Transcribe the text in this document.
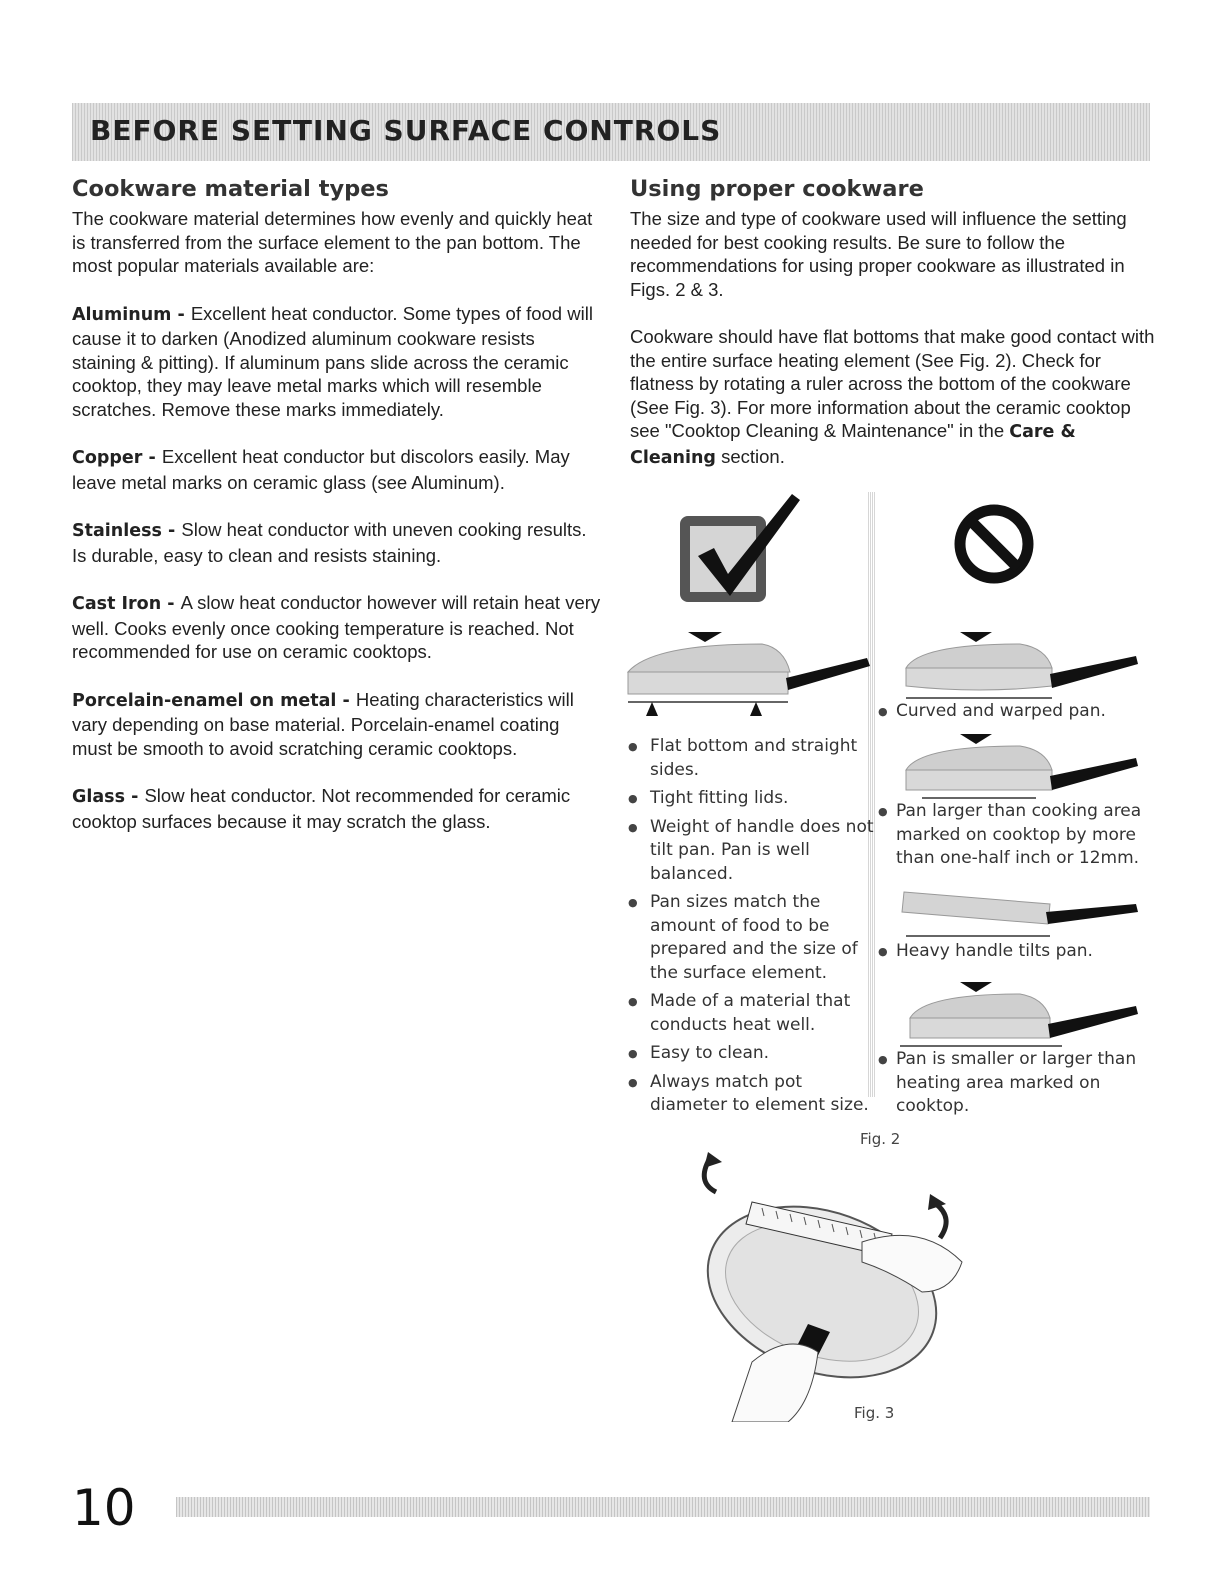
BEFORE SETTING SURFACE CONTROLS
Cookware material types

The cookware material determines how evenly and quickly heat is transferred from the surface element to the pan bottom. The most popular materials available are:

Aluminum - Excellent heat conductor. Some types of food will cause it to darken (Anodized aluminum cookware resists staining & pitting). If aluminum pans slide across the ceramic cooktop, they may leave metal marks which will resemble scratches. Remove these marks immediately.

Copper - Excellent heat conductor but discolors easily. May leave metal marks on ceramic glass (see Aluminum).

Stainless - Slow heat conductor with uneven cooking results. Is durable, easy to clean and resists staining.

Cast Iron - A slow heat conductor however will retain heat very well. Cooks evenly once cooking temperature is reached. Not recommended for use on ceramic cooktops.

Porcelain-enamel on metal - Heating characteristics will vary depending on base material. Porcelain-enamel coating must be smooth to avoid scratching ceramic cooktops.

Glass - Slow heat conductor. Not recommended for ceramic cooktop surfaces because it may scratch the glass.

Using proper cookware

The size and type of cookware used will influence the setting needed for best cooking results. Be sure to follow the recommendations for using proper cookware as illustrated in Figs. 2 & 3.

Cookware should have flat bottoms that make good contact with the entire surface heating element (See Fig. 2). Check for flatness by rotating a ruler across the bottom of the cookware (See Fig. 3). For more information about the ceramic cooktop see "Cooktop Cleaning & Maintenance" in the Care & Cleaning section.

● Flat bottom and straight sides.
● Tight fitting lids.
● Weight of handle does not tilt pan. Pan is well balanced.
● Pan sizes match the amount of food to be prepared and the size of the surface element.
● Made of a material that conducts heat well.
● Easy to clean.
● Always match pot diameter to element size.
● Curved and warped pan.
● Pan larger than cooking area marked on cooktop by more than one-half inch or 12mm.
● Heavy handle tilts pan.
● Pan is smaller or larger than heating area marked on cooktop.
Fig. 2
Fig. 3
10
